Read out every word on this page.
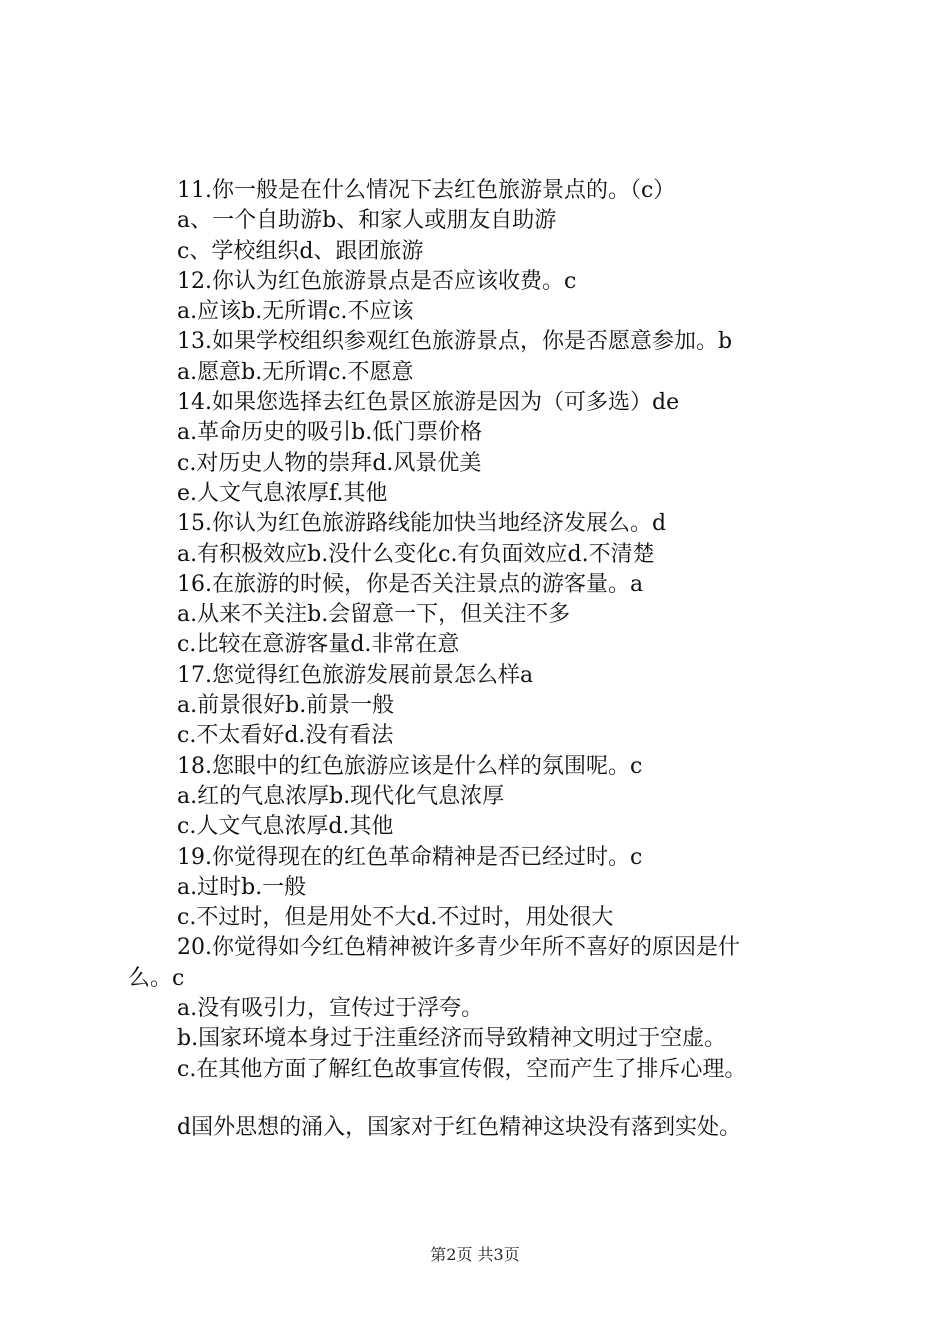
11.你一般是在什么情况下去红色旅游景点的。（c）
a、一个自助游b、和家人或朋友自助游
c、学校组织d、跟团旅游
12.你认为红色旅游景点是否应该收费。c
a.应该b.无所谓c.不应该
13.如果学校组织参观红色旅游景点，你是否愿意参加。b
a.愿意b.无所谓c.不愿意
14.如果您选择去红色景区旅游是因为（可多选）de
a.革命历史的吸引b.低门票价格
c.对历史人物的崇拜d.风景优美
e.人文气息浓厚f.其他
15.你认为红色旅游路线能加快当地经济发展么。d
a.有积极效应b.没什么变化c.有负面效应d.不清楚
16.在旅游的时候，你是否关注景点的游客量。a
a.从来不关注b.会留意一下，但关注不多
c.比较在意游客量d.非常在意
17.您觉得红色旅游发展前景怎么样a
a.前景很好b.前景一般
c.不太看好d.没有看法
18.您眼中的红色旅游应该是什么样的氛围呢。c
a.红的气息浓厚b.现代化气息浓厚
c.人文气息浓厚d.其他
19.你觉得现在的红色革命精神是否已经过时。c
a.过时b.一般
c.不过时，但是用处不大d.不过时，用处很大
20.你觉得如今红色精神被许多青少年所不喜好的原因是什
么。c
a.没有吸引力，宣传过于浮夸。
b.国家环境本身过于注重经济而导致精神文明过于空虚。
c.在其他方面了解红色故事宣传假，空而产生了排斥心理。
d国外思想的涌入，国家对于红色精神这块没有落到实处。
第2页 共3页
